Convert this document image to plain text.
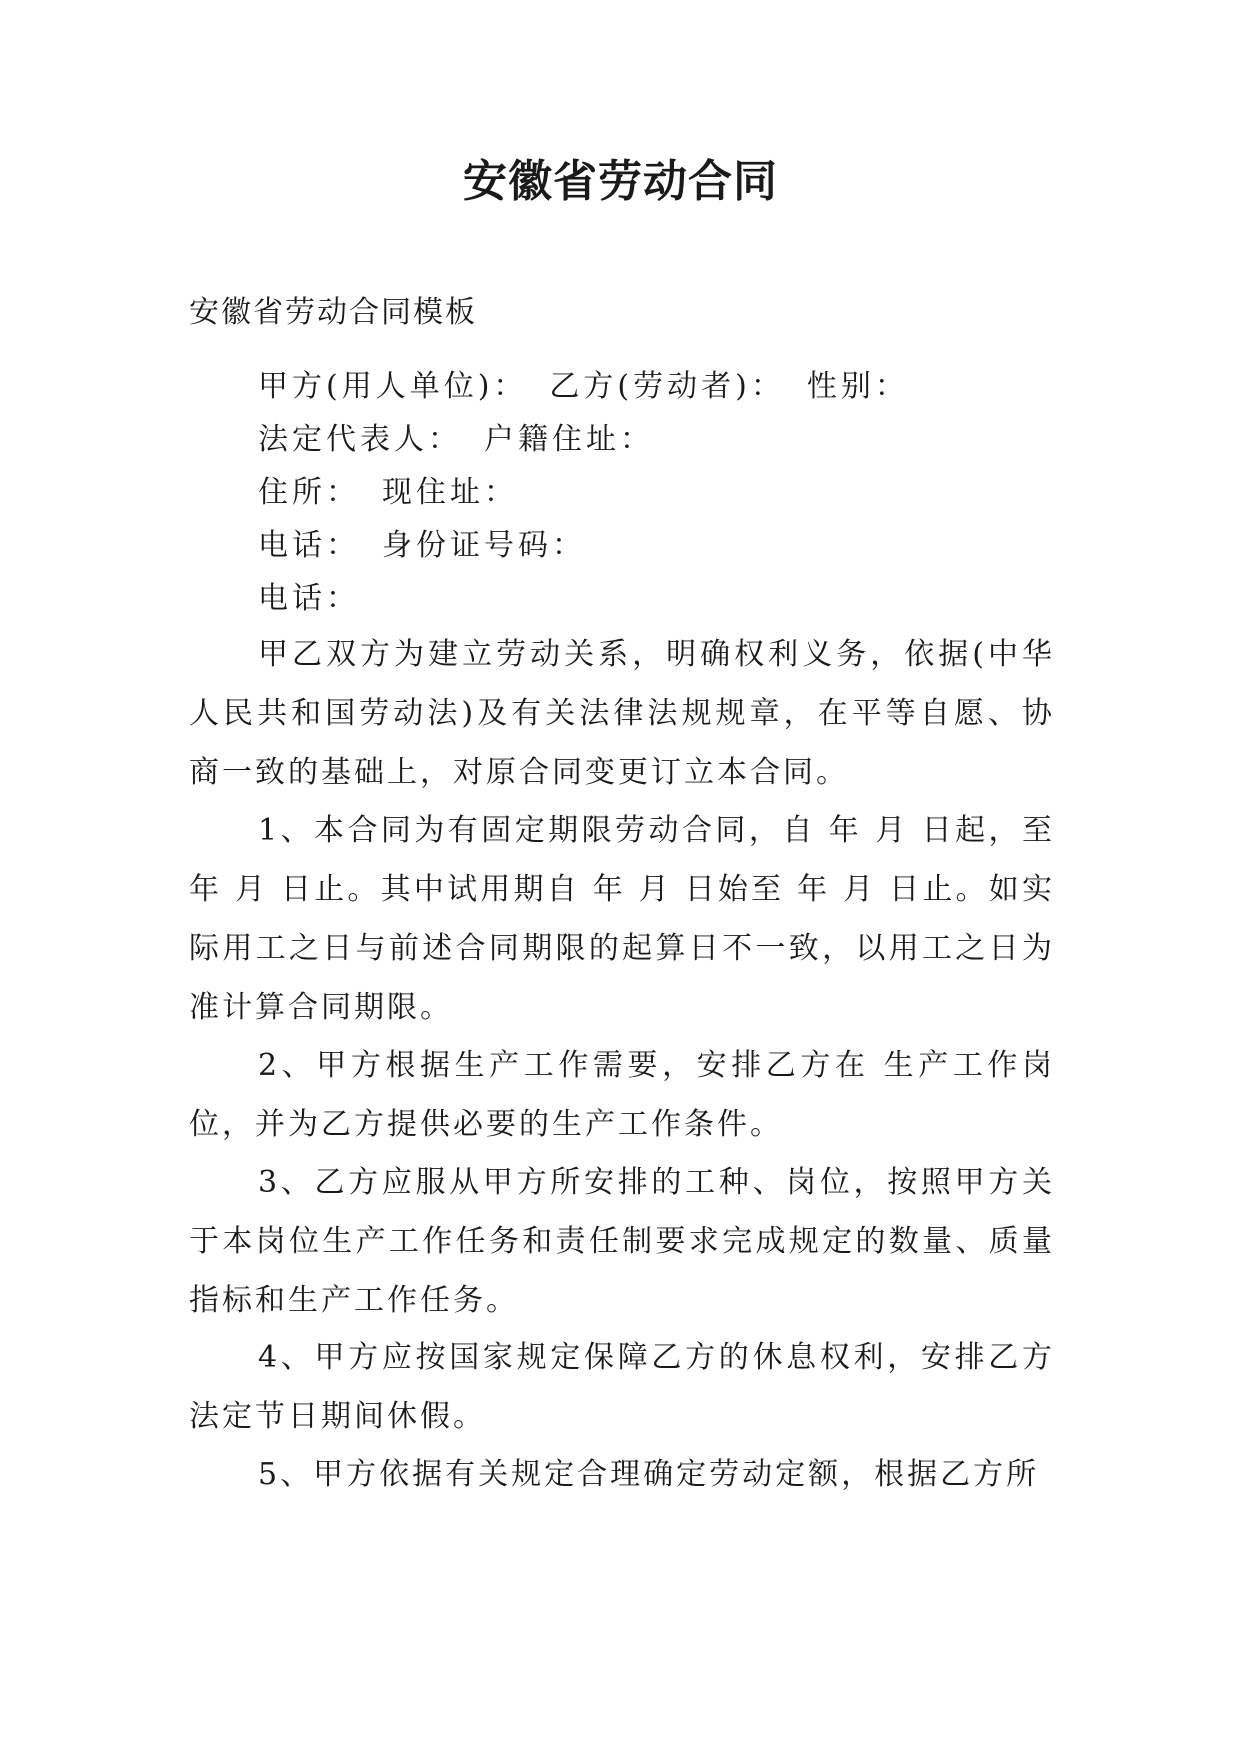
安徽省劳动合同
安徽省劳动合同模板
甲方(用人单位)： 乙方(劳动者)： 性别：
法定代表人： 户籍住址：
住所： 现住址：
电话： 身份证号码：
电话：

甲乙双方为建立劳动关系，明确权利义务，依据(中华人民共和国劳动法)及有关法律法规规章，在平等自愿、协商一致的基础上，对原合同变更订立本合同。

1、本合同为有固定期限劳动合同，自 年 月 日起，至 年 月 日止。其中试用期自 年 月 日始至 年 月 日止。如实际用工之日与前述合同期限的起算日不一致，以用工之日为准计算合同期限。

2、甲方根据生产工作需要，安排乙方在 生产工作岗位，并为乙方提供必要的生产工作条件。

3、乙方应服从甲方所安排的工种、岗位，按照甲方关于本岗位生产工作任务和责任制要求完成规定的数量、质量指标和生产工作任务。

4、甲方应按国家规定保障乙方的休息权利，安排乙方法定节日期间休假。

5、甲方依据有关规定合理确定劳动定额，根据乙方所
